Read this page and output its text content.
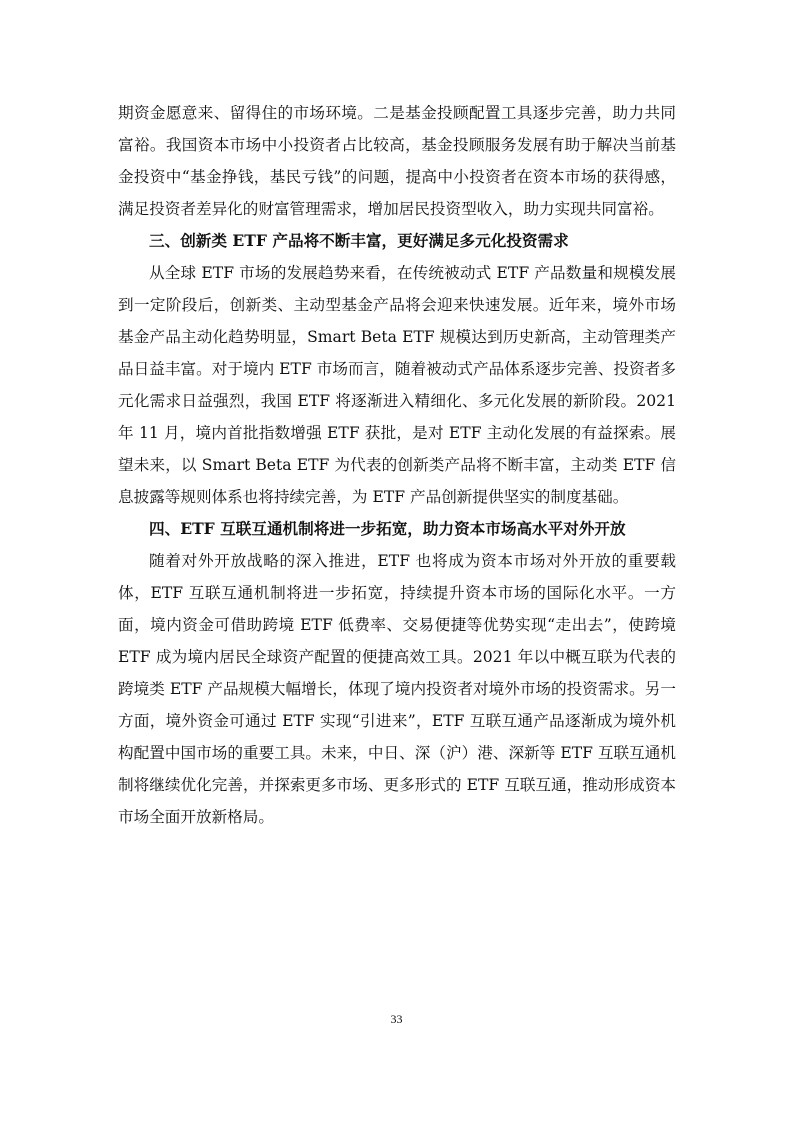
期资金愿意来、留得住的市场环境。二是基金投顾配置工具逐步完善，助力共同富裕。我国资本市场中小投资者占比较高，基金投顾服务发展有助于解决当前基金投资中“基金挣钱，基民亏钱”的问题，提高中小投资者在资本市场的获得感，满足投资者差异化的财富管理需求，增加居民投资型收入，助力实现共同富裕。

三、创新类 ETF 产品将不断丰富，更好满足多元化投资需求

从全球 ETF 市场的发展趋势来看，在传统被动式 ETF 产品数量和规模发展到一定阶段后，创新类、主动型基金产品将会迎来快速发展。近年来，境外市场基金产品主动化趋势明显，Smart Beta ETF 规模达到历史新高，主动管理类产品日益丰富。对于境内 ETF 市场而言，随着被动式产品体系逐步完善、投资者多元化需求日益强烈，我国 ETF 将逐渐进入精细化、多元化发展的新阶段。2021 年 11 月，境内首批指数增强 ETF 获批，是对 ETF 主动化发展的有益探索。展望未来，以 Smart Beta ETF 为代表的创新类产品将不断丰富，主动类 ETF 信息披露等规则体系也将持续完善，为 ETF 产品创新提供坚实的制度基础。

四、ETF 互联互通机制将进一步拓宽，助力资本市场高水平对外开放

随着对外开放战略的深入推进，ETF 也将成为资本市场对外开放的重要载体，ETF 互联互通机制将进一步拓宽，持续提升资本市场的国际化水平。一方面，境内资金可借助跨境 ETF 低费率、交易便捷等优势实现“走出去”，使跨境 ETF 成为境内居民全球资产配置的便捷高效工具。2021 年以中概互联为代表的跨境类 ETF 产品规模大幅增长，体现了境内投资者对境外市场的投资需求。另一方面，境外资金可通过 ETF 实现“引进来”，ETF 互联互通产品逐渐成为境外机构配置中国市场的重要工具。未来，中日、深（沪）港、深新等 ETF 互联互通机制将继续优化完善，并探索更多市场、更多形式的 ETF 互联互通，推动形成资本市场全面开放新格局。

33
